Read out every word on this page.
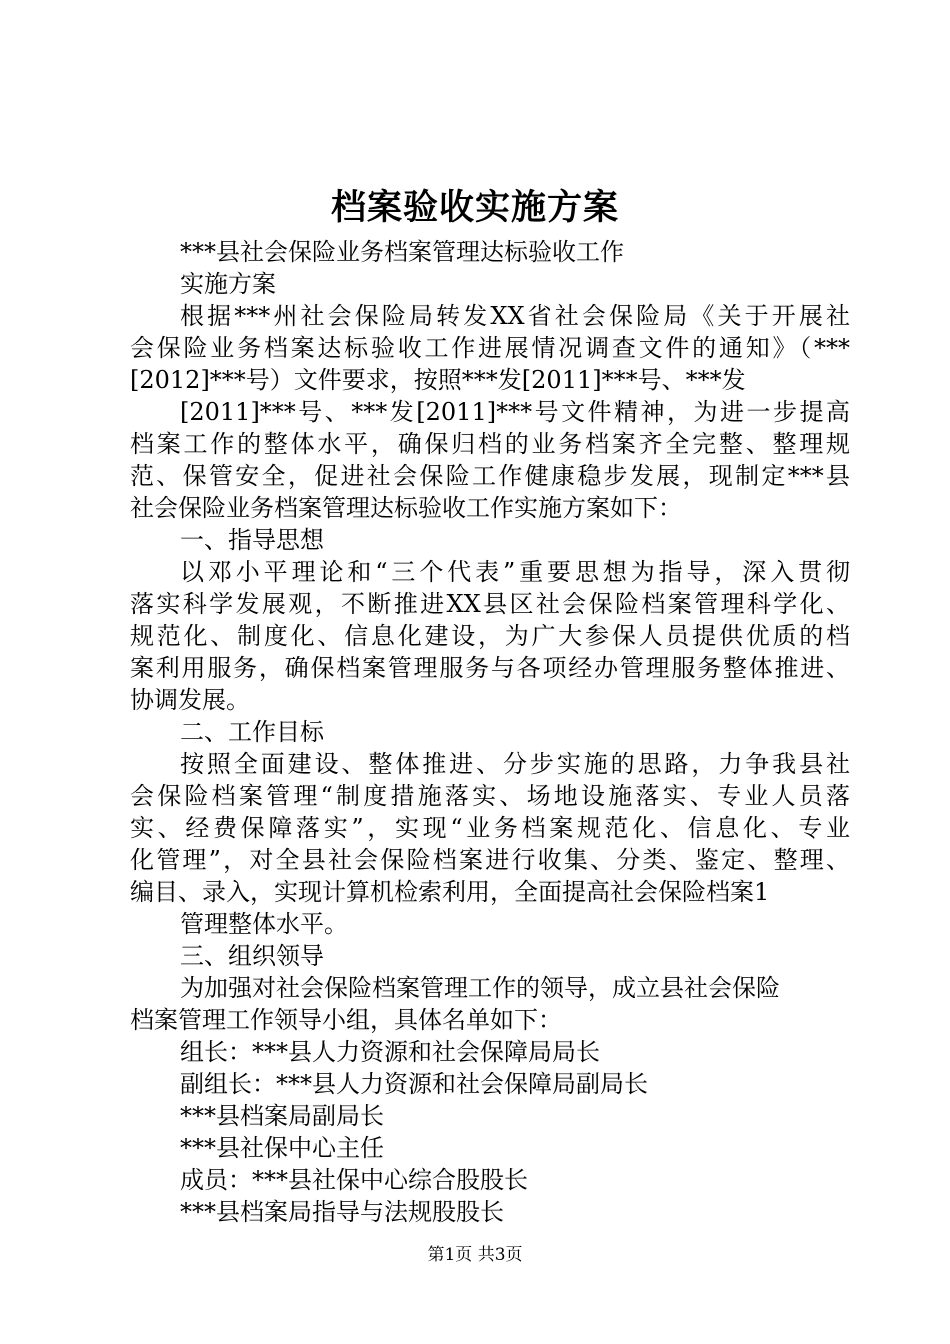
档案验收实施方案
***县社会保险业务档案管理达标验收工作
实施方案
根据***州社会保险局转发XX省社会保险局《关于开展社
会保险业务档案达标验收工作进展情况调查文件的通知》（***
[2012]***号）文件要求，按照***发[2011]***号、***发
[2011]***号、***发[2011]***号文件精神，为进一步提高
档案工作的整体水平，确保归档的业务档案齐全完整、整理规
范、保管安全，促进社会保险工作健康稳步发展，现制定***县
社会保险业务档案管理达标验收工作实施方案如下：
一、指导思想
以邓小平理论和“三个代表”重要思想为指导，深入贯彻
落实科学发展观，不断推进XX县区社会保险档案管理科学化、
规范化、制度化、信息化建设，为广大参保人员提供优质的档
案利用服务，确保档案管理服务与各项经办管理服务整体推进、
协调发展。
二、工作目标
按照全面建设、整体推进、分步实施的思路，力争我县社
会保险档案管理“制度措施落实、场地设施落实、专业人员落
实、经费保障落实”，实现“业务档案规范化、信息化、专业
化管理”，对全县社会保险档案进行收集、分类、鉴定、整理、
编目、录入，实现计算机检索利用，全面提高社会保险档案1
管理整体水平。
三、组织领导
为加强对社会保险档案管理工作的领导，成立县社会保险
档案管理工作领导小组，具体名单如下：
组长：***县人力资源和社会保障局局长
副组长：***县人力资源和社会保障局副局长
***县档案局副局长
***县社保中心主任
成员：***县社保中心综合股股长
***县档案局指导与法规股股长
第1页 共3页
